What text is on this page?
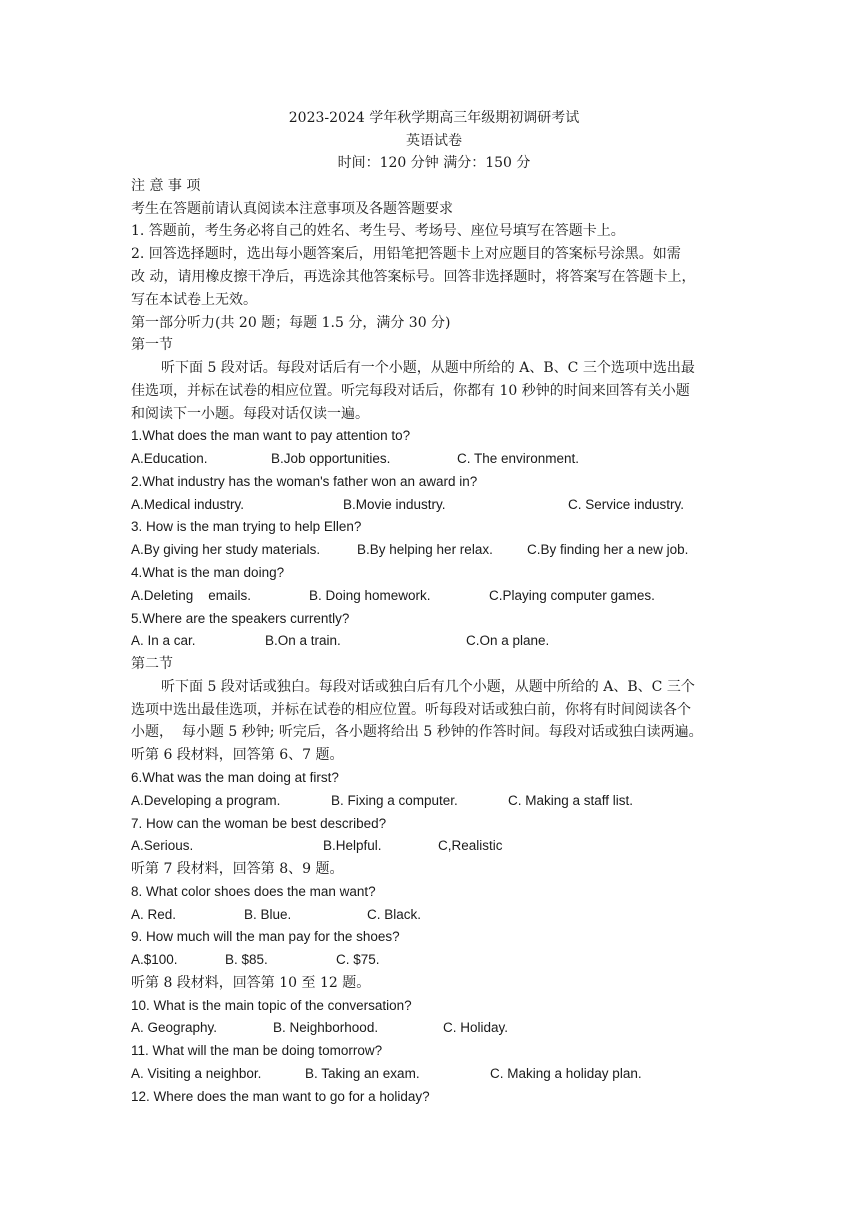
2023-2024 学年秋学期高三年级期初调研考试
英语试卷
时间：120 分钟 满分：150 分
注 意 事 项
考生在答题前请认真阅读本注意事项及各题答题要求
1. 答题前，考生务必将自己的姓名、考生号、考场号、座位号填写在答题卡上。
2. 回答选择题时，选出每小题答案后，用铅笔把答题卡上对应题目的答案标号涂黑。如需
改 动，请用橡皮擦干净后，再选涂其他答案标号。回答非选择题时，将答案写在答题卡上，
写在本试卷上无效。
第一部分听力(共 20 题；每题 1.5 分，满分 30 分)
第一节
听下面 5 段对话。每段对话后有一个小题，从题中所给的 A、B、C 三个选项中选出最
佳选项，并标在试卷的相应位置。听完每段对话后，你都有 10 秒钟的时间来回答有关小题
和阅读下一小题。每段对话仅读一遍。
1.What does the man want to pay attention to?
A.Education.	B.Job opportunities.	C. The environment.
2.What industry has the woman's father won an award in?
A.Medical industry.	B.Movie industry.	C. Service industry.
3. How is the man trying to help Ellen?
A.By giving her study materials.	B.By helping her relax.	C.By finding her a new job.
4.What is the man doing?
A.Deleting    emails.	B. Doing homework.	C.Playing computer games.
5.Where are the speakers currently?
A. In a car.	B.On a train.	C.On a plane.
第二节
听下面 5 段对话或独白。每段对话或独白后有几个小题，从题中所给的 A、B、C 三个
选项中选出最佳选项，并标在试卷的相应位置。听每段对话或独白前，你将有时间阅读各个
小题，  每小题 5 秒钟; 听完后，各小题将给出 5 秒钟的作答时间。每段对话或独白读两遍。
听第 6 段材料，回答第 6、7 题。
6.What was the man doing at first?
A.Developing a program.	B. Fixing a computer.	C. Making a staff list.
7. How can the woman be best described?
A.Serious.	B.Helpful.	C,Realistic
听第 7 段材料，回答第 8、9 题。
8. What color shoes does the man want?
A. Red.	B. Blue.	C. Black.
9. How much will the man pay for the shoes?
A.$100.	B. $85.	C. $75.
听第 8 段材料，回答第 10 至 12 题。
10. What is the main topic of the conversation?
A. Geography.	B. Neighborhood.	C. Holiday.
11. What will the man be doing tomorrow?
A. Visiting a neighbor.	B. Taking an exam.	C. Making a holiday plan.
12. Where does the man want to go for a holiday?
